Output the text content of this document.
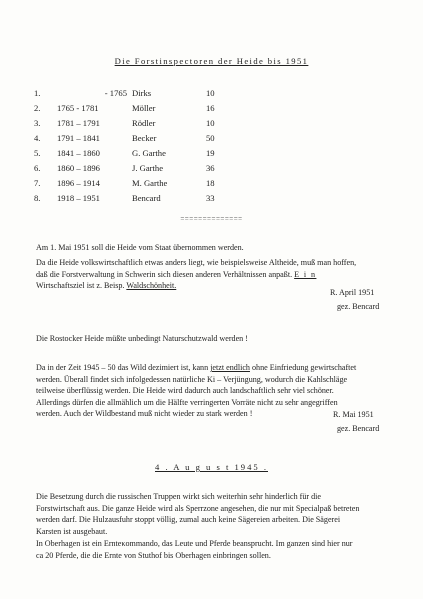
Die Forstinspectoren der Heide bis 1951
1.	- 1765 Dirks	10
2. 1765 - 1781	Möller	16
3. 1781 – 1791	Rödler	10
4. 1791 – 1841	Becker	50
5. 1841 – 1860	G. Garthe	19
6. 1860 – 1896	J. Garthe	36
7. 1896 – 1914	M. Garthe	18
8. 1918 – 1951	Bencard	33
==============
Am 1. Mai 1951 soll die Heide vom Staat übernommen werden.
Da die Heide volkswirtschaftlich etwas anders liegt, wie beispielsweise Altheide, muß man hoffen,
daß die Forstverwaltung in Schwerin sich diesen anderen Verhältnissen anpaßt. E i n
Wirtschaftsziel ist z. Beisp. Waldschönheit.
R. April 1951
gez. Bencard
Die Rostocker Heide müßte unbedingt Naturschutzwald werden !
Da in der Zeit 1945 – 50 das Wild dezimiert ist, kann jetzt endlich ohne Einfriedung gewirtschaftet
werden. Überall findet sich infolgedessen natürliche Ki – Verjüngung, wodurch die Kahlschläge
teilweise überflüssig werden. Die Heide wird dadurch auch landschaftlich sehr viel schöner.
Allerdings dürfen die allmählich um die Hälfte verringerten Vorräte nicht zu sehr angegriffen
werden. Auch der Wildbestand muß nicht wieder zu stark werden !	R. Mai 1951
gez. Bencard
4 . A u g u s t 1945 .
Die Besetzung durch die russischen Truppen wirkt sich weiterhin sehr hinderlich für die
Forstwirtschaft aus. Die ganze Heide wird als Sperrzone angesehen, die nur mit Specialpaß betreten
werden darf. Die Hulzausfuhr stoppt völlig, zumal auch keine Sägereien arbeiten. Die Sägerei
Karsten ist ausgebaut.
In Oberhagen ist ein Ernteκommando, das Leute und Pferde beansprucht. Im ganzen sind hier nur
ca 20 Pferde, die die Ernte von Stuthof bis Oberhagen einbringen sollen.
